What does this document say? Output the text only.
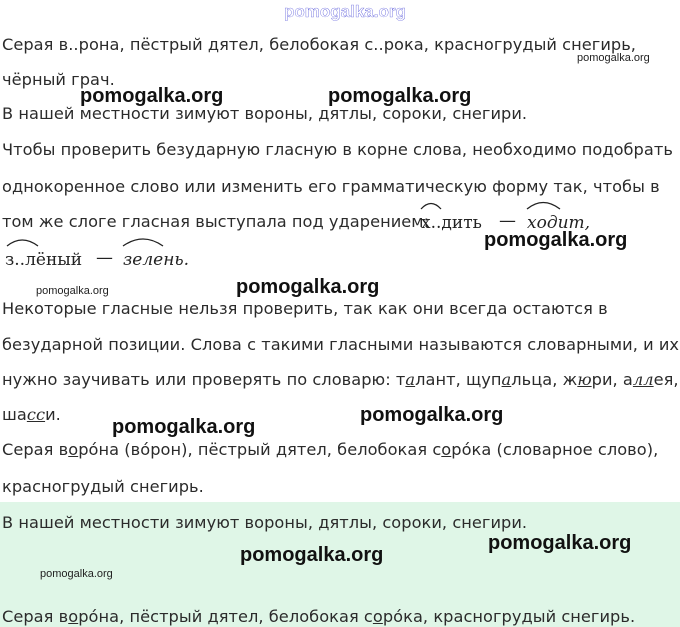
pomogalka.org
Серая в..рона, пёстрый дятел, белобокая с..рока, красногрудый снегирь,
pomogalka.org
чёрный грач.
pomogalka.org	pomogalka.org
В нашей местности зимуют вороны, дятлы, сороки, снегири.
Чтобы проверить безударную гласную в корне слова, необходимо подобрать
однокоренное слово или изменить его грамматическую форму так, чтобы в
том же слоге гласная выступала под ударением:
х..дить — ходит,
pomogalka.org
з..лёный — зелень.
pomogalka.org	pomogalka.org
Некоторые гласные нельзя проверить, так как они всегда остаются в
безударной позиции. Слова с такими гласными называются словарными, и их
нужно заучивать или проверять по словарю: талант, щупальца, жюри, аллея,
шасси.	pomogalka.org
pomogalka.org
Серая воро́на (во́рон), пёстрый дятел, белобокая соро́ка (словарное слово),
красногрудый снегирь.
В нашей местности зимуют вороны, дятлы, сороки, снегири.
pomogalka.org
pomogalka.org
pomogalka.org
Серая воро́на, пёстрый дятел, белобокая соро́ка, красногрудый снегирь.
